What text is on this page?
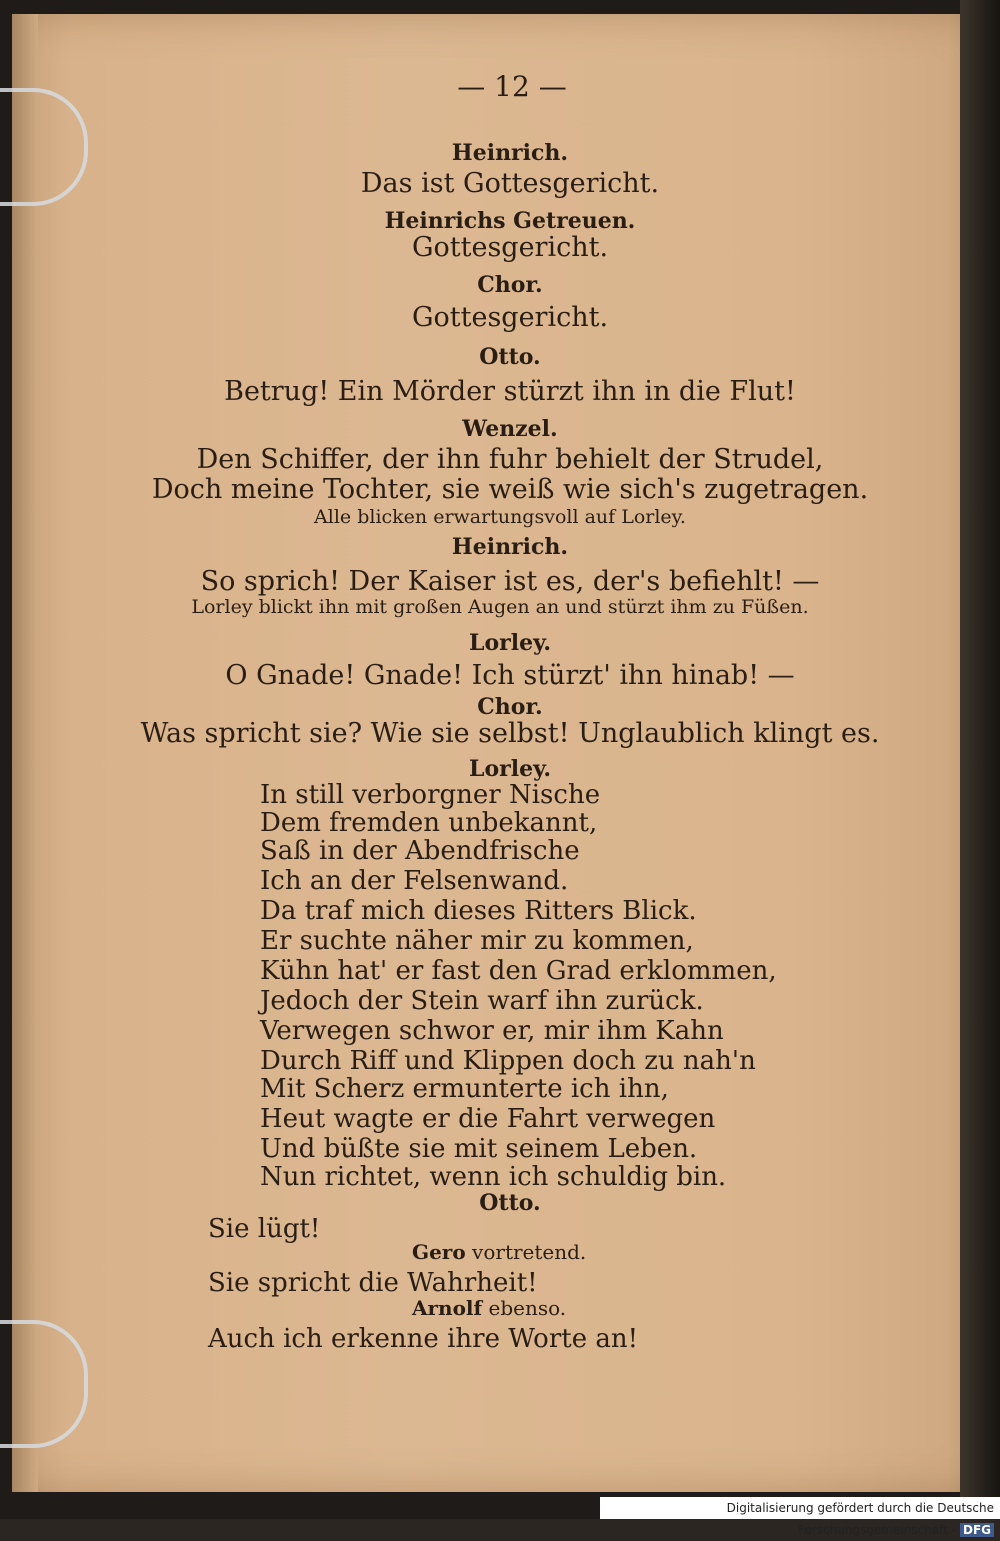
— 12 —
Heinrich.
Das ist Gottesgericht.
Heinrichs Getreuen.
Gottesgericht.
Chor.
Gottesgericht.
Otto.
Betrug! Ein Mörder stürzt ihn in die Flut!
Wenzel.
Den Schiffer, der ihn fuhr behielt der Strudel,
Doch meine Tochter, sie weiß wie sich's zugetragen.
Alle blicken erwartungsvoll auf Lorley.
Heinrich.
So sprich! Der Kaiser ist es, der's befiehlt! —
Lorley blickt ihn mit großen Augen an und stürzt ihm zu Füßen.
Lorley.
O Gnade! Gnade! Ich stürzt' ihn hinab! —
Chor.
Was spricht sie? Wie sie selbst! Unglaublich klingt es.
Lorley.
In still verborgner Nische
Dem fremden unbekannt,
Saß in der Abendfrische
Ich an der Felsenwand.
Da traf mich dieses Ritters Blick.
Er suchte näher mir zu kommen,
Kühn hat' er fast den Grad erklommen,
Jedoch der Stein warf ihn zurück.
Verwegen schwor er, mir ihm Kahn
Durch Riff und Klippen doch zu nah'n
Mit Scherz ermunterte ich ihn,
Heut wagte er die Fahrt verwegen
Und büßte sie mit seinem Leben.
Nun richtet, wenn ich schuldig bin.
Otto.
Sie lügt!
Gero vortretend.
Sie spricht die Wahrheit!
Arnolf ebenso.
Auch ich erkenne ihre Worte an!
Digitalisierung gefördert durch die Deutsche Forschungsgemeinschaft - DFG
